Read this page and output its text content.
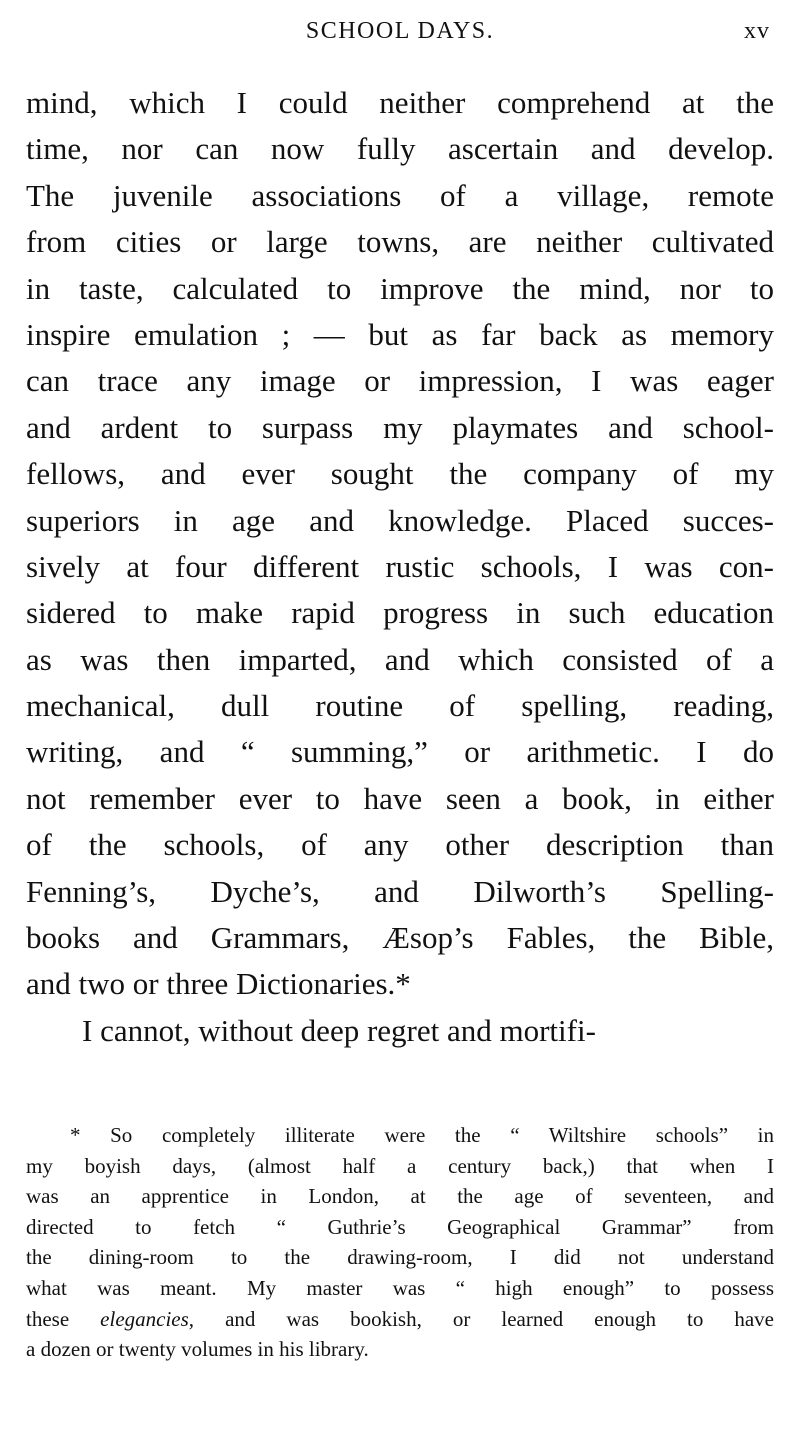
SCHOOL DAYS.	xv
mind, which I could neither comprehend at the
time, nor can now fully ascertain and develop.
The juvenile associations of a village, remote
from cities or large towns, are neither cultivated
in taste, calculated to improve the mind, nor to
inspire emulation ; — but as far back as memory
can trace any image or impression, I was eager
and ardent to surpass my playmates and school-
fellows, and ever sought the company of my
superiors in age and knowledge. Placed succes-
sively at four different rustic schools, I was con-
sidered to make rapid progress in such education
as was then imparted, and which consisted of a
mechanical, dull routine of spelling, reading,
writing, and “ summing,” or arithmetic. I do
not remember ever to have seen a book, in either
of the schools, of any other description than
Fenning’s, Dyche’s, and Dilworth’s Spelling-
books and Grammars, Æsop’s Fables, the Bible,
and two or three Dictionaries.*
I cannot, without deep regret and mortifi-
* So completely illiterate were the “ Wiltshire schools” in
my boyish days, (almost half a century back,) that when I
was an apprentice in London, at the age of seventeen, and
directed to fetch “ Guthrie’s Geographical Grammar” from
the dining-room to the drawing-room, I did not understand
what was meant. My master was “ high enough” to possess
these elegancies, and was bookish, or learned enough to have
a dozen or twenty volumes in his library.
